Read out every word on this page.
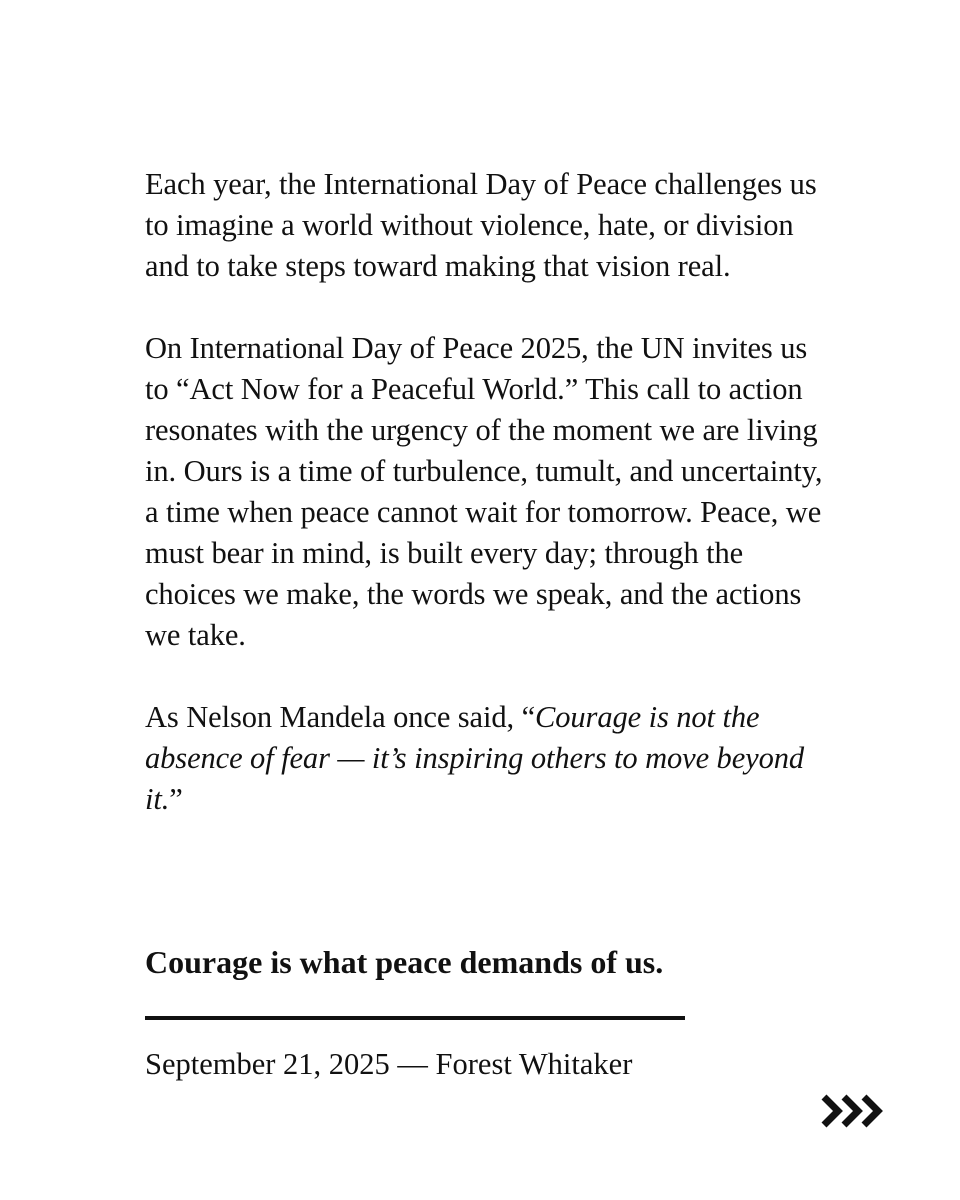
Each year, the International Day of Peace challenges us to imagine a world without violence, hate, or division and to take steps toward making that vision real.

On International Day of Peace 2025, the UN invites us to “Act Now for a Peaceful World.” This call to action resonates with the urgency of the moment we are living in. Ours is a time of turbulence, tumult, and uncertainty, a time when peace cannot wait for tomorrow. Peace, we must bear in mind, is built every day; through the choices we make, the words we speak, and the actions we take.

As Nelson Mandela once said, “Courage is not the absence of fear — it’s inspiring others to move beyond it.”

Courage is what peace demands of us.

September 21, 2025 — Forest Whitaker
